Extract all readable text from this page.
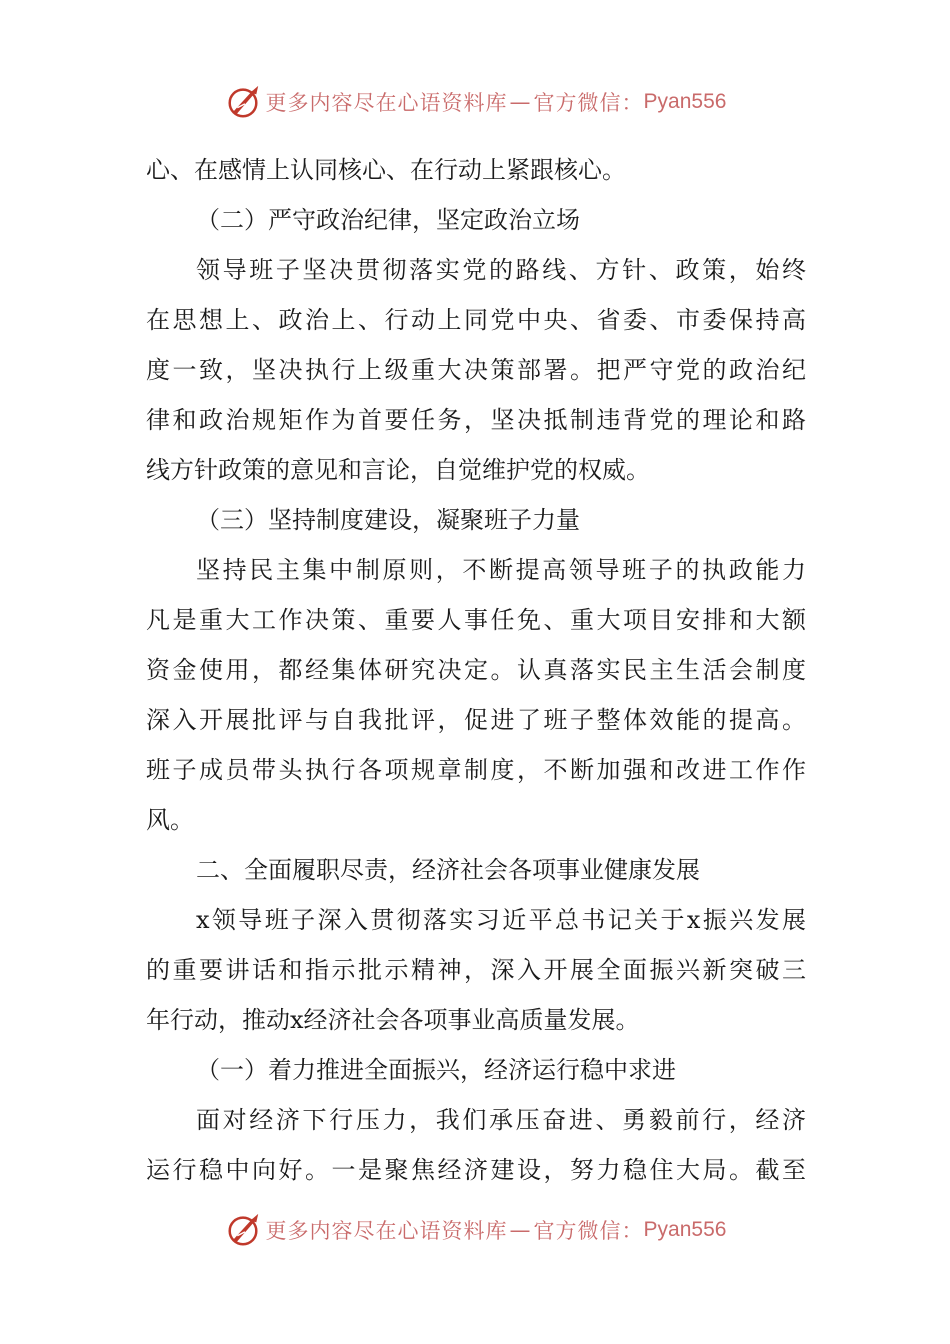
更多内容尽在心语资料库 — 官方微信： Pyan556
心、在感情上认同核心、在行动上紧跟核心。
（二）严守政治纪律，坚定政治立场
领导班子坚决贯彻落实党的路线、方针、政策，始终
在思想上、政治上、行动上同党中央、省委、市委保持高
度一致，坚决执行上级重大决策部署。把严守党的政治纪
律和政治规矩作为首要任务，坚决抵制违背党的理论和路
线方针政策的意见和言论，自觉维护党的权威。
（三）坚持制度建设，凝聚班子力量
坚持民主集中制原则，不断提高领导班子的执政能力
凡是重大工作决策、重要人事任免、重大项目安排和大额
资金使用，都经集体研究决定。认真落实民主生活会制度
深入开展批评与自我批评，促进了班子整体效能的提高。
班子成员带头执行各项规章制度，不断加强和改进工作作
风。
二、全面履职尽责，经济社会各项事业健康发展
x领导班子深入贯彻落实习近平总书记关于x振兴发展
的重要讲话和指示批示精神，深入开展全面振兴新突破三
年行动，推动x经济社会各项事业高质量发展。
（一）着力推进全面振兴，经济运行稳中求进
面对经济下行压力，我们承压奋进、勇毅前行，经济
运行稳中向好。一是聚焦经济建设，努力稳住大局。截至
更多内容尽在心语资料库 — 官方微信： Pyan556
